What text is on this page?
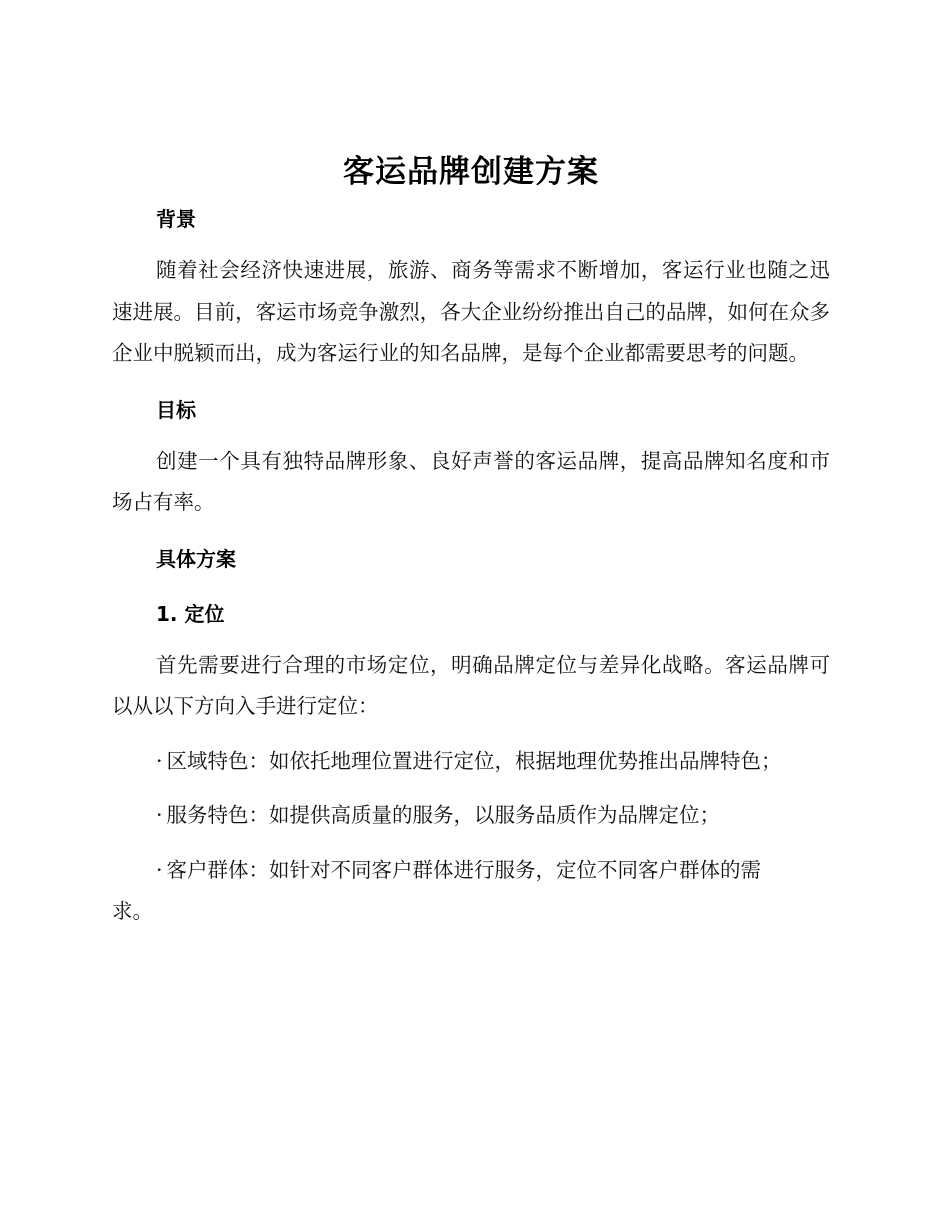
客运品牌创建方案
背景

随着社会经济快速进展，旅游、商务等需求不断增加，客运行业也随之迅速进展。目前，客运市场竞争激烈，各大企业纷纷推出自己的品牌，如何在众多企业中脱颖而出，成为客运行业的知名品牌，是每个企业都需要思考的问题。

目标

创建一个具有独特品牌形象、良好声誉的客运品牌，提高品牌知名度和市场占有率。

具体方案
1. 定位

首先需要进行合理的市场定位，明确品牌定位与差异化战略。客运品牌可以从以下方向入手进行定位：

· 区域特色：如依托地理位置进行定位，根据地理优势推出品牌特色；

· 服务特色：如提供高质量的服务，以服务品质作为品牌定位；

· 客户群体：如针对不同客户群体进行服务，定位不同客户群体的需求。
